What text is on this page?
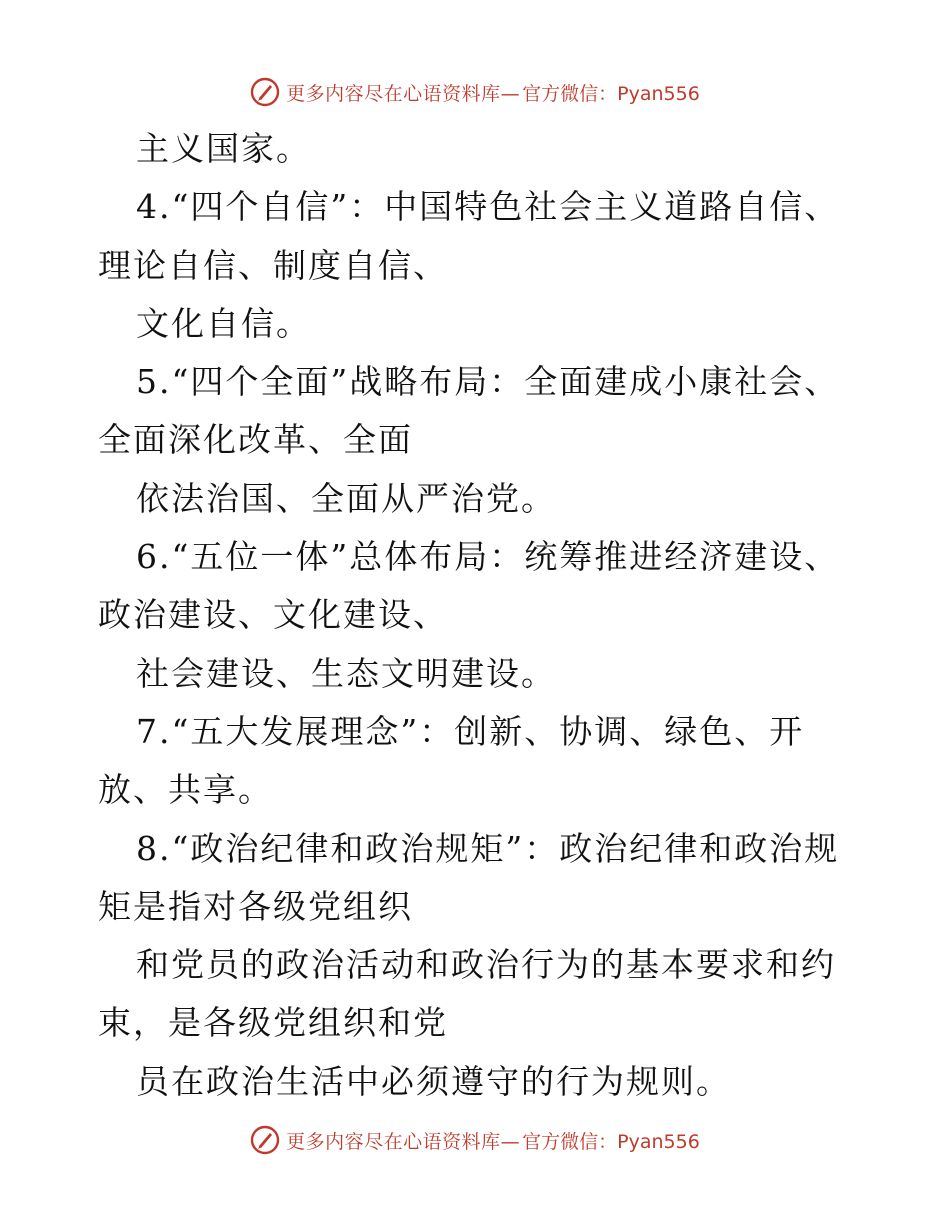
更多内容尽在心语资料库— 官方微信：Pyan556
主义国家。
4.“四个自信”：中国特色社会主义道路自信、
理论自信、制度自信、
文化自信。
5.“四个全面”战略布局：全面建成小康社会、
全面深化改革、全面
依法治国、全面从严治党。
6.“五位一体”总体布局：统筹推进经济建设、
政治建设、文化建设、
社会建设、生态文明建设。
7.“五大发展理念”：创新、协调、绿色、开
放、共享。
8.“政治纪律和政治规矩”：政治纪律和政治规
矩是指对各级党组织
和党员的政治活动和政治行为的基本要求和约
束，是各级党组织和党
员在政治生活中必须遵守的行为规则。
更多内容尽在心语资料库— 官方微信：Pyan556
